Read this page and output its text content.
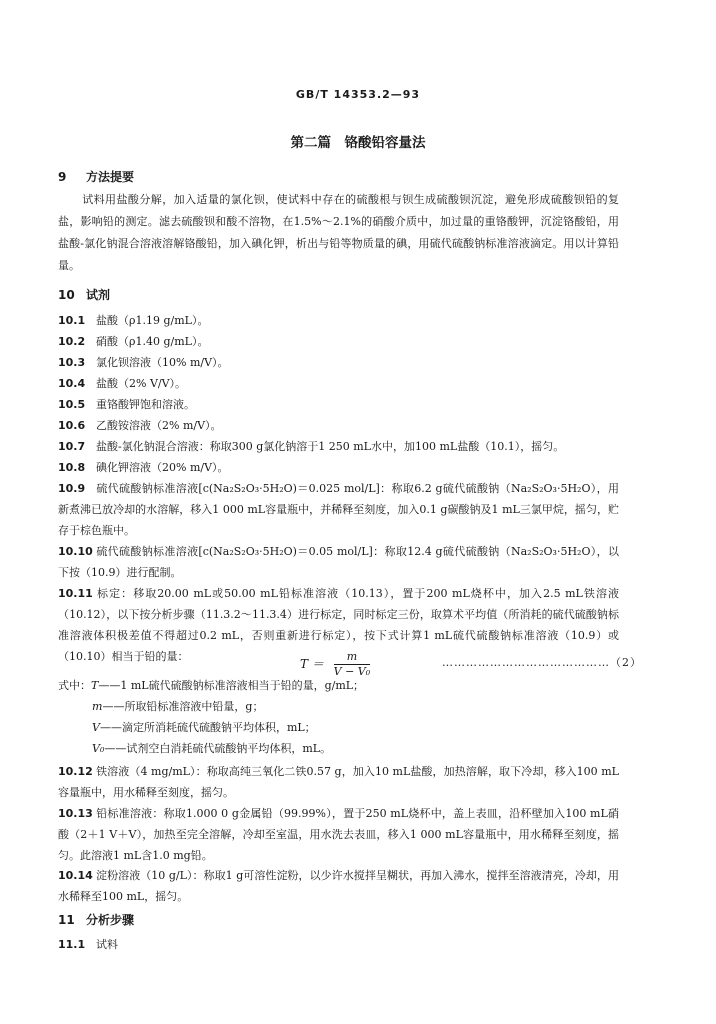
GB/T 14353.2—93
第二篇　铬酸铅容量法
9 方法提要
试料用盐酸分解，加入适量的氯化钡，使试料中存在的硫酸根与钡生成硫酸钡沉淀，避免形成硫酸钡铅的复盐，影响铅的测定。滤去硫酸钡和酸不溶物，在1.5%～2.1%的硝酸介质中，加过量的重铬酸钾，沉淀铬酸铅，用盐酸-氯化钠混合溶液溶解铬酸铅，加入碘化钾，析出与铅等物质量的碘，用硫代硫酸钠标准溶液滴定。用以计算铅量。
10 试剂
10.1 盐酸（ρ1.19 g/mL）。
10.2 硝酸（ρ1.40 g/mL）。
10.3 氯化钡溶液（10% m/V）。
10.4 盐酸（2% V/V）。
10.5 重铬酸钾饱和溶液。
10.6 乙酸铵溶液（2% m/V）。
10.7 盐酸-氯化钠混合溶液：称取300 g氯化钠溶于1 250 mL水中，加100 mL盐酸（10.1），摇匀。
10.8 碘化钾溶液（20% m/V）。
10.9 硫代硫酸钠标准溶液[c(Na₂S₂O₃·5H₂O)＝0.025 mol/L]：称取6.2 g硫代硫酸钠（Na₂S₂O₃·5H₂O），用新煮沸已放冷却的水溶解，移入1 000 mL容量瓶中，并稀释至刻度，加入0.1 g碳酸钠及1 mL三氯甲烷，摇匀，贮存于棕色瓶中。
10.10 硫代硫酸钠标准溶液[c(Na₂S₂O₃·5H₂O)＝0.05 mol/L]：称取12.4 g硫代硫酸钠（Na₂S₂O₃·5H₂O），以下按（10.9）进行配制。
10.11 标定：移取20.00 mL或50.00 mL铅标准溶液（10.13），置于200 mL烧杯中，加入2.5 mL铁溶液（10.12），以下按分析步骤（11.3.2～11.3.4）进行标定，同时标定三份，取算术平均值（所消耗的硫代硫酸钠标准溶液体积极差值不得超过0.2 mL，否则重新进行标定），按下式计算1 mL硫代硫酸钠标准溶液（10.9）或（10.10）相当于铅的量：
$T = \frac{m}{\text{V − V₀}}$	……………………………………（2）
式中：T——1 mL硫代硫酸钠标准溶液相当于铅的量，g/mL；
m——所取铅标准溶液中铅量，g；
V——滴定所消耗硫代硫酸钠平均体积，mL；
V₀——试剂空白消耗硫代硫酸钠平均体积，mL。
10.12 铁溶液（4 mg/mL）：称取高纯三氧化二铁0.57 g，加入10 mL盐酸，加热溶解，取下冷却，移入100 mL容量瓶中，用水稀释至刻度，摇匀。
10.13 铅标准溶液：称取1.000 0 g金属铅（99.99%），置于250 mL烧杯中，盖上表皿，沿杯壁加入100 mL硝酸（2＋1 V＋V），加热至完全溶解，冷却至室温，用水洗去表皿，移入1 000 mL容量瓶中，用水稀释至刻度，摇匀。此溶液1 mL含1.0 mg铅。
10.14 淀粉溶液（10 g/L）：称取1 g可溶性淀粉，以少许水搅拌呈糊状，再加入沸水，搅拌至溶液清亮，冷却，用水稀释至100 mL，摇匀。
11 分析步骤
11.1 试料
